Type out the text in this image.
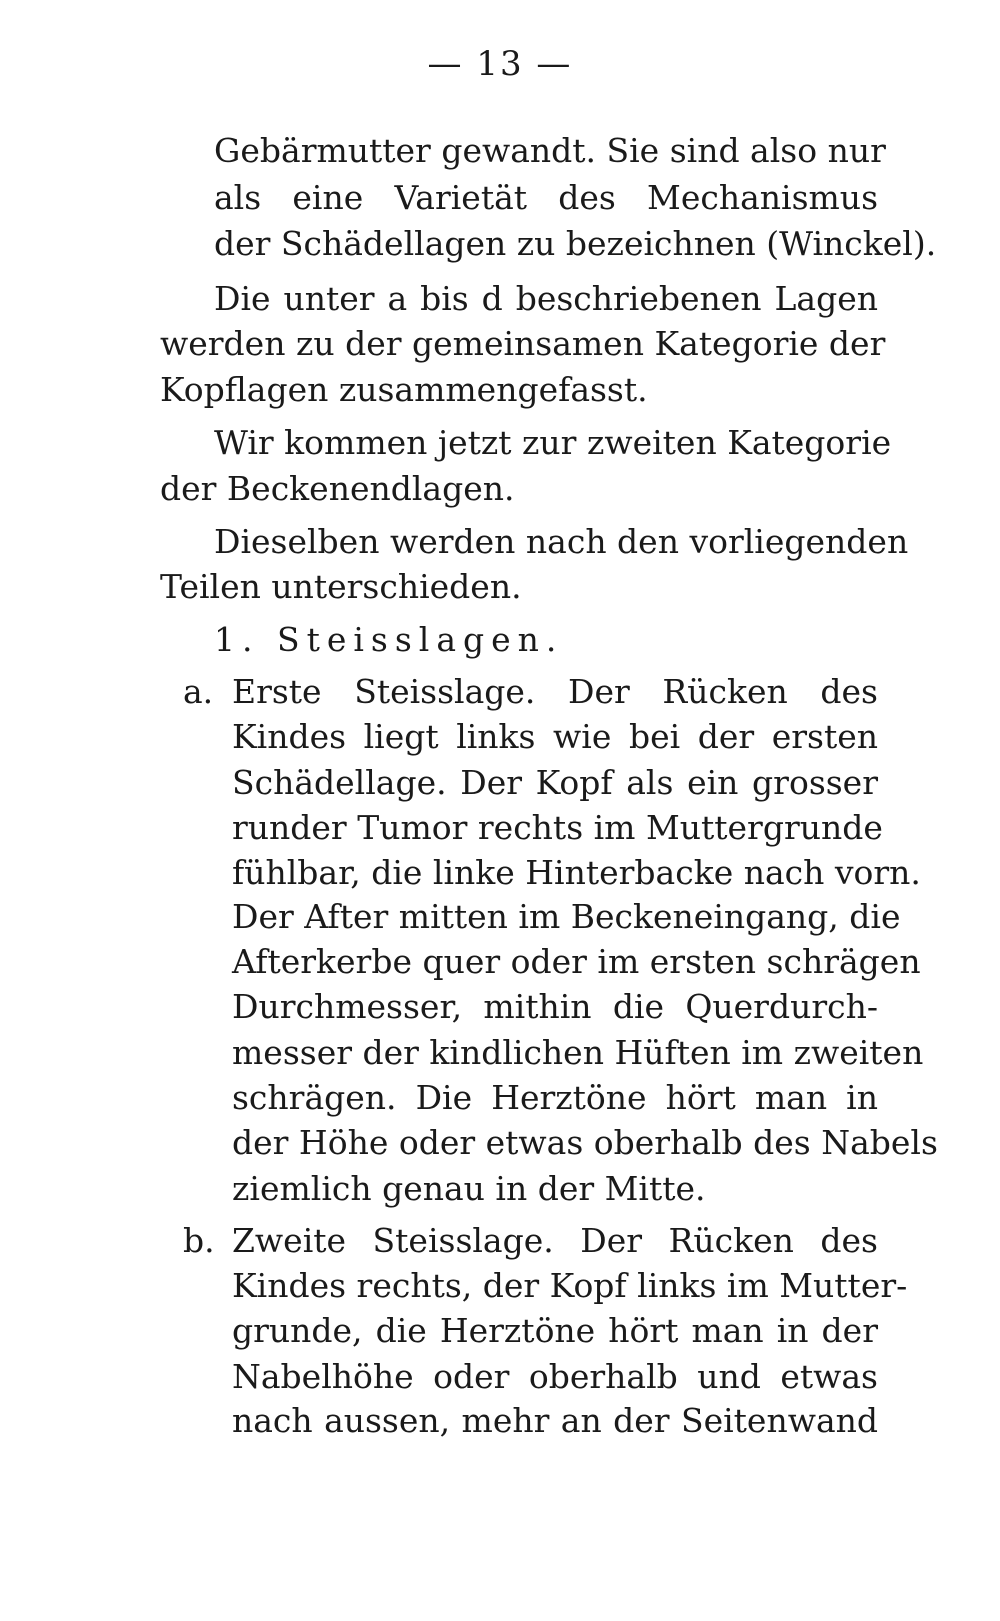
— 13 —
Gebärmutter gewandt. Sie sind also nur
als eine Varietät des Mechanismus
der Schädellagen zu bezeichnen (Winckel).
Die unter a bis d beschriebenen Lagen
werden zu der gemeinsamen Kategorie der
Kopflagen zusammengefasst.
Wir kommen jetzt zur zweiten Kategorie
der Beckenendlagen.
Dieselben werden nach den vorliegenden
Teilen unterschieden.
1. Steisslagen.
a. Erste Steisslage. Der Rücken des
Kindes liegt links wie bei der ersten
Schädellage. Der Kopf als ein grosser
runder Tumor rechts im Muttergrunde
fühlbar, die linke Hinterbacke nach vorn.
Der After mitten im Beckeneingang, die
Afterkerbe quer oder im ersten schrägen
Durchmesser, mithin die Querdurch-
messer der kindlichen Hüften im zweiten
schrägen. Die Herztöne hört man in
der Höhe oder etwas oberhalb des Nabels
ziemlich genau in der Mitte.
b. Zweite Steisslage. Der Rücken des
Kindes rechts, der Kopf links im Mutter-
grunde, die Herztöne hört man in der
Nabelhöhe oder oberhalb und etwas
nach aussen, mehr an der Seitenwand
